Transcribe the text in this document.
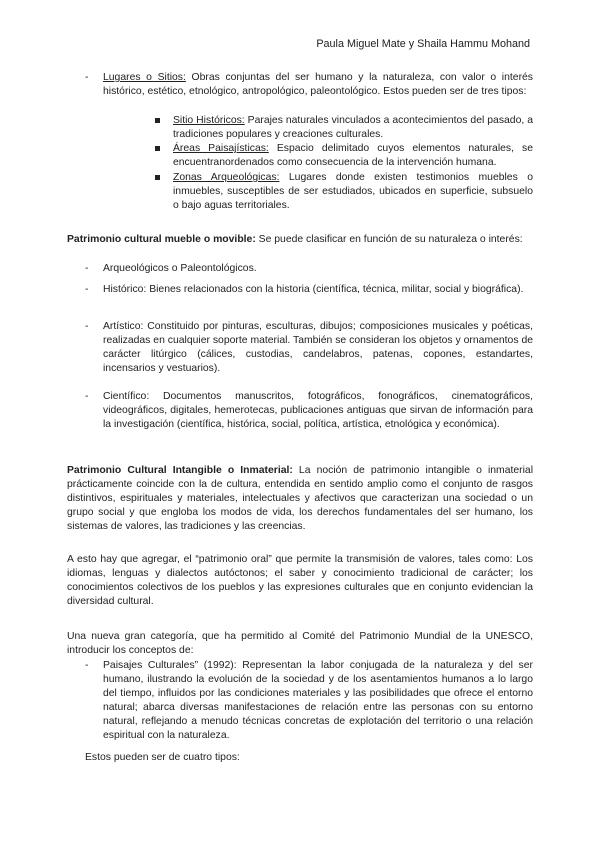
Paula Miguel Mate y Shaila Hammu Mohand
- Lugares o Sitios: Obras conjuntas del ser humano y la naturaleza, con valor o interés histórico, estético, etnológico, antropológico, paleontológico. Estos pueden ser de tres tipos:
Sitio Históricos: Parajes naturales vinculados a acontecimientos del pasado, a tradiciones populares y creaciones culturales.
Áreas Paisajísticas: Espacio delimitado cuyos elementos naturales, se encuentranordenados como consecuencia de la intervención humana.
Zonas Arqueológicas: Lugares donde existen testimonios muebles o inmuebles, susceptibles de ser estudiados, ubicados en superficie, subsuelo o bajo aguas territoriales.
Patrimonio cultural mueble o movible: Se puede clasificar en función de su naturaleza o interés:
- Arqueológicos o Paleontológicos.
- Histórico: Bienes relacionados con la historia (científica, técnica, militar, social y biográfica).
- Artístico: Constituido por pinturas, esculturas, dibujos; composiciones musicales y poéticas, realizadas en cualquier soporte material. También se consideran los objetos y ornamentos de carácter litúrgico (cálices, custodias, candelabros, patenas, copones, estandartes, incensarios y vestuarios).
- Científico: Documentos manuscritos, fotográficos, fonográficos, cinematográficos, videográficos, digitales, hemerotecas, publicaciones antiguas que sirvan de información para la investigación (científica, histórica, social, política, artística, etnológica y económica).
Patrimonio Cultural Intangible o Inmaterial: La noción de patrimonio intangible o inmaterial prácticamente coincide con la de cultura, entendida en sentido amplio como el conjunto de rasgos distintivos, espirituales y materiales, intelectuales y afectivos que caracterizan una sociedad o un grupo social y que engloba los modos de vida, los derechos fundamentales del ser humano, los sistemas de valores, las tradiciones y las creencias.
A esto hay que agregar, el “patrimonio oral” que permite la transmisión de valores, tales como: Los idiomas, lenguas y dialectos autóctonos; el saber y conocimiento tradicional de carácter; los conocimientos colectivos de los pueblos y las expresiones culturales que en conjunto evidencian la diversidad cultural.
Una nueva gran categoría, que ha permitido al Comité del Patrimonio Mundial de la UNESCO, introducir los conceptos de:
- Paisajes Culturales” (1992): Representan la labor conjugada de la naturaleza y del ser humano, ilustrando la evolución de la sociedad y de los asentamientos humanos a lo largo del tiempo, influidos por las condiciones materiales y las posibilidades que ofrece el entorno natural; abarca diversas manifestaciones de relación entre las personas con su entorno natural, reflejando a menudo técnicas concretas de explotación del territorio o una relación espiritual con la naturaleza.
Estos pueden ser de cuatro tipos:
